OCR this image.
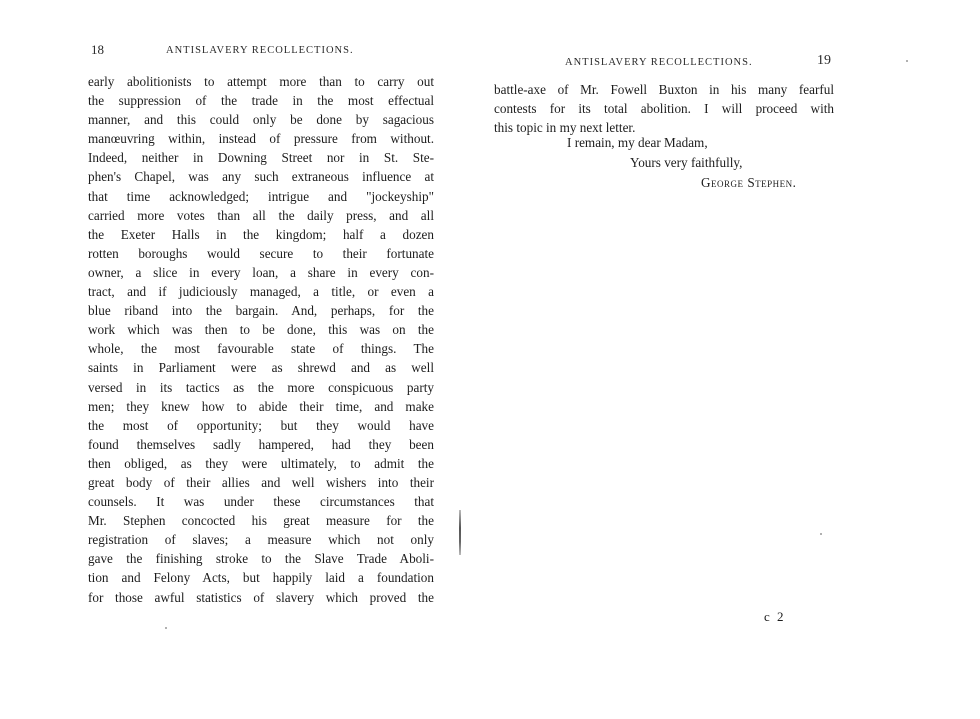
18	ANTISLAVERY RECOLLECTIONS.
early abolitionists to attempt more than to carry out
the suppression of the trade in the most effectual
manner, and this could only be done by sagacious
manœuvring within, instead of pressure from without.
Indeed, neither in Downing Street nor in St. Ste-
phen's Chapel, was any such extraneous influence at
that time acknowledged; intrigue and "jockeyship"
carried more votes than all the daily press, and all
the Exeter Halls in the kingdom; half a dozen
rotten boroughs would secure to their fortunate
owner, a slice in every loan, a share in every con-
tract, and if judiciously managed, a title, or even a
blue riband into the bargain. And, perhaps, for the
work which was then to be done, this was on the
whole, the most favourable state of things. The
saints in Parliament were as shrewd and as well
versed in its tactics as the more conspicuous party
men; they knew how to abide their time, and make
the most of opportunity; but they would have
found themselves sadly hampered, had they been
then obliged, as they were ultimately, to admit the
great body of their allies and well wishers into their
counsels. It was under these circumstances that
Mr. Stephen concocted his great measure for the
registration of slaves; a measure which not only
gave the finishing stroke to the Slave Trade Aboli-
tion and Felony Acts, but happily laid a foundation
for those awful statistics of slavery which proved the
ANTISLAVERY RECOLLECTIONS.	19
battle-axe of Mr. Fowell Buxton in his many fearful
contests for its total abolition. I will proceed with
this topic in my next letter.
I remain, my dear Madam,
Yours very faithfully,
George Stephen.
c 2
